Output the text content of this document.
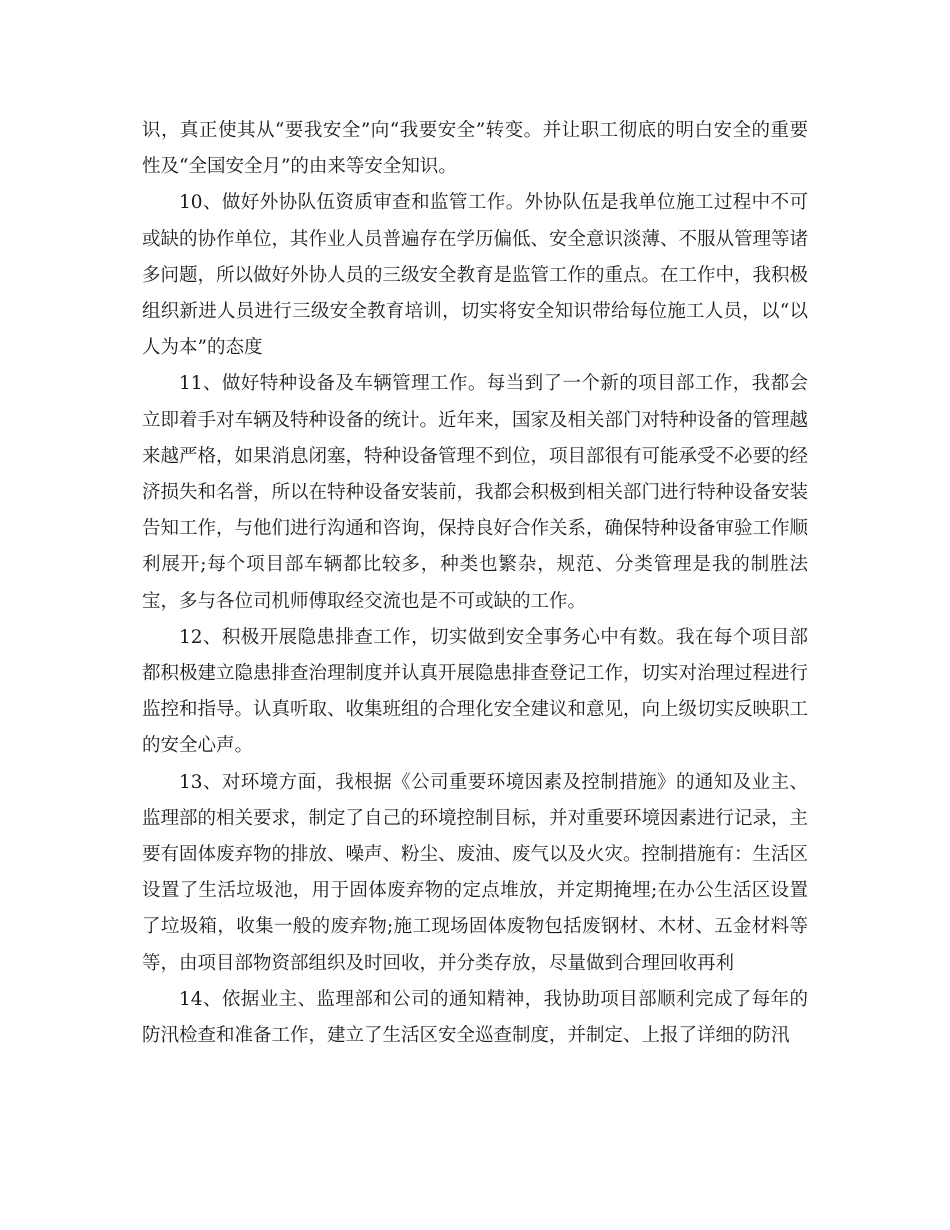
识，真正使其从“要我安全”向“我要安全”转变。并让职工彻底的明白安全的重要性及“全国安全月”的由来等安全知识。

10、做好外协队伍资质审查和监管工作。外协队伍是我单位施工过程中不可或缺的协作单位，其作业人员普遍存在学历偏低、安全意识淡薄、不服从管理等诸多问题，所以做好外协人员的三级安全教育是监管工作的重点。在工作中，我积极组织新进人员进行三级安全教育培训，切实将安全知识带给每位施工人员，以“以人为本”的态度

11、做好特种设备及车辆管理工作。每当到了一个新的项目部工作，我都会立即着手对车辆及特种设备的统计。近年来，国家及相关部门对特种设备的管理越来越严格，如果消息闭塞，特种设备管理不到位，项目部很有可能承受不必要的经济损失和名誉，所以在特种设备安装前，我都会积极到相关部门进行特种设备安装告知工作，与他们进行沟通和咨询，保持良好合作关系，确保特种设备审验工作顺利展开;每个项目部车辆都比较多，种类也繁杂，规范、分类管理是我的制胜法宝，多与各位司机师傅取经交流也是不可或缺的工作。

12、积极开展隐患排查工作，切实做到安全事务心中有数。我在每个项目部都积极建立隐患排查治理制度并认真开展隐患排查登记工作，切实对治理过程进行监控和指导。认真听取、收集班组的合理化安全建议和意见，向上级切实反映职工的安全心声。

13、对环境方面，我根据《公司重要环境因素及控制措施》的通知及业主、监理部的相关要求，制定了自己的环境控制目标，并对重要环境因素进行记录，主要有固体废弃物的排放、噪声、粉尘、废油、废气以及火灾。控制措施有：生活区设置了生活垃圾池，用于固体废弃物的定点堆放，并定期掩埋;在办公生活区设置了垃圾箱，收集一般的废弃物;施工现场固体废物包括废钢材、木材、五金材料等等，由项目部物资部组织及时回收，并分类存放，尽量做到合理回收再利

14、依据业主、监理部和公司的通知精神，我协助项目部顺利完成了每年的防汛检查和准备工作，建立了生活区安全巡查制度，并制定、上报了详细的防汛
